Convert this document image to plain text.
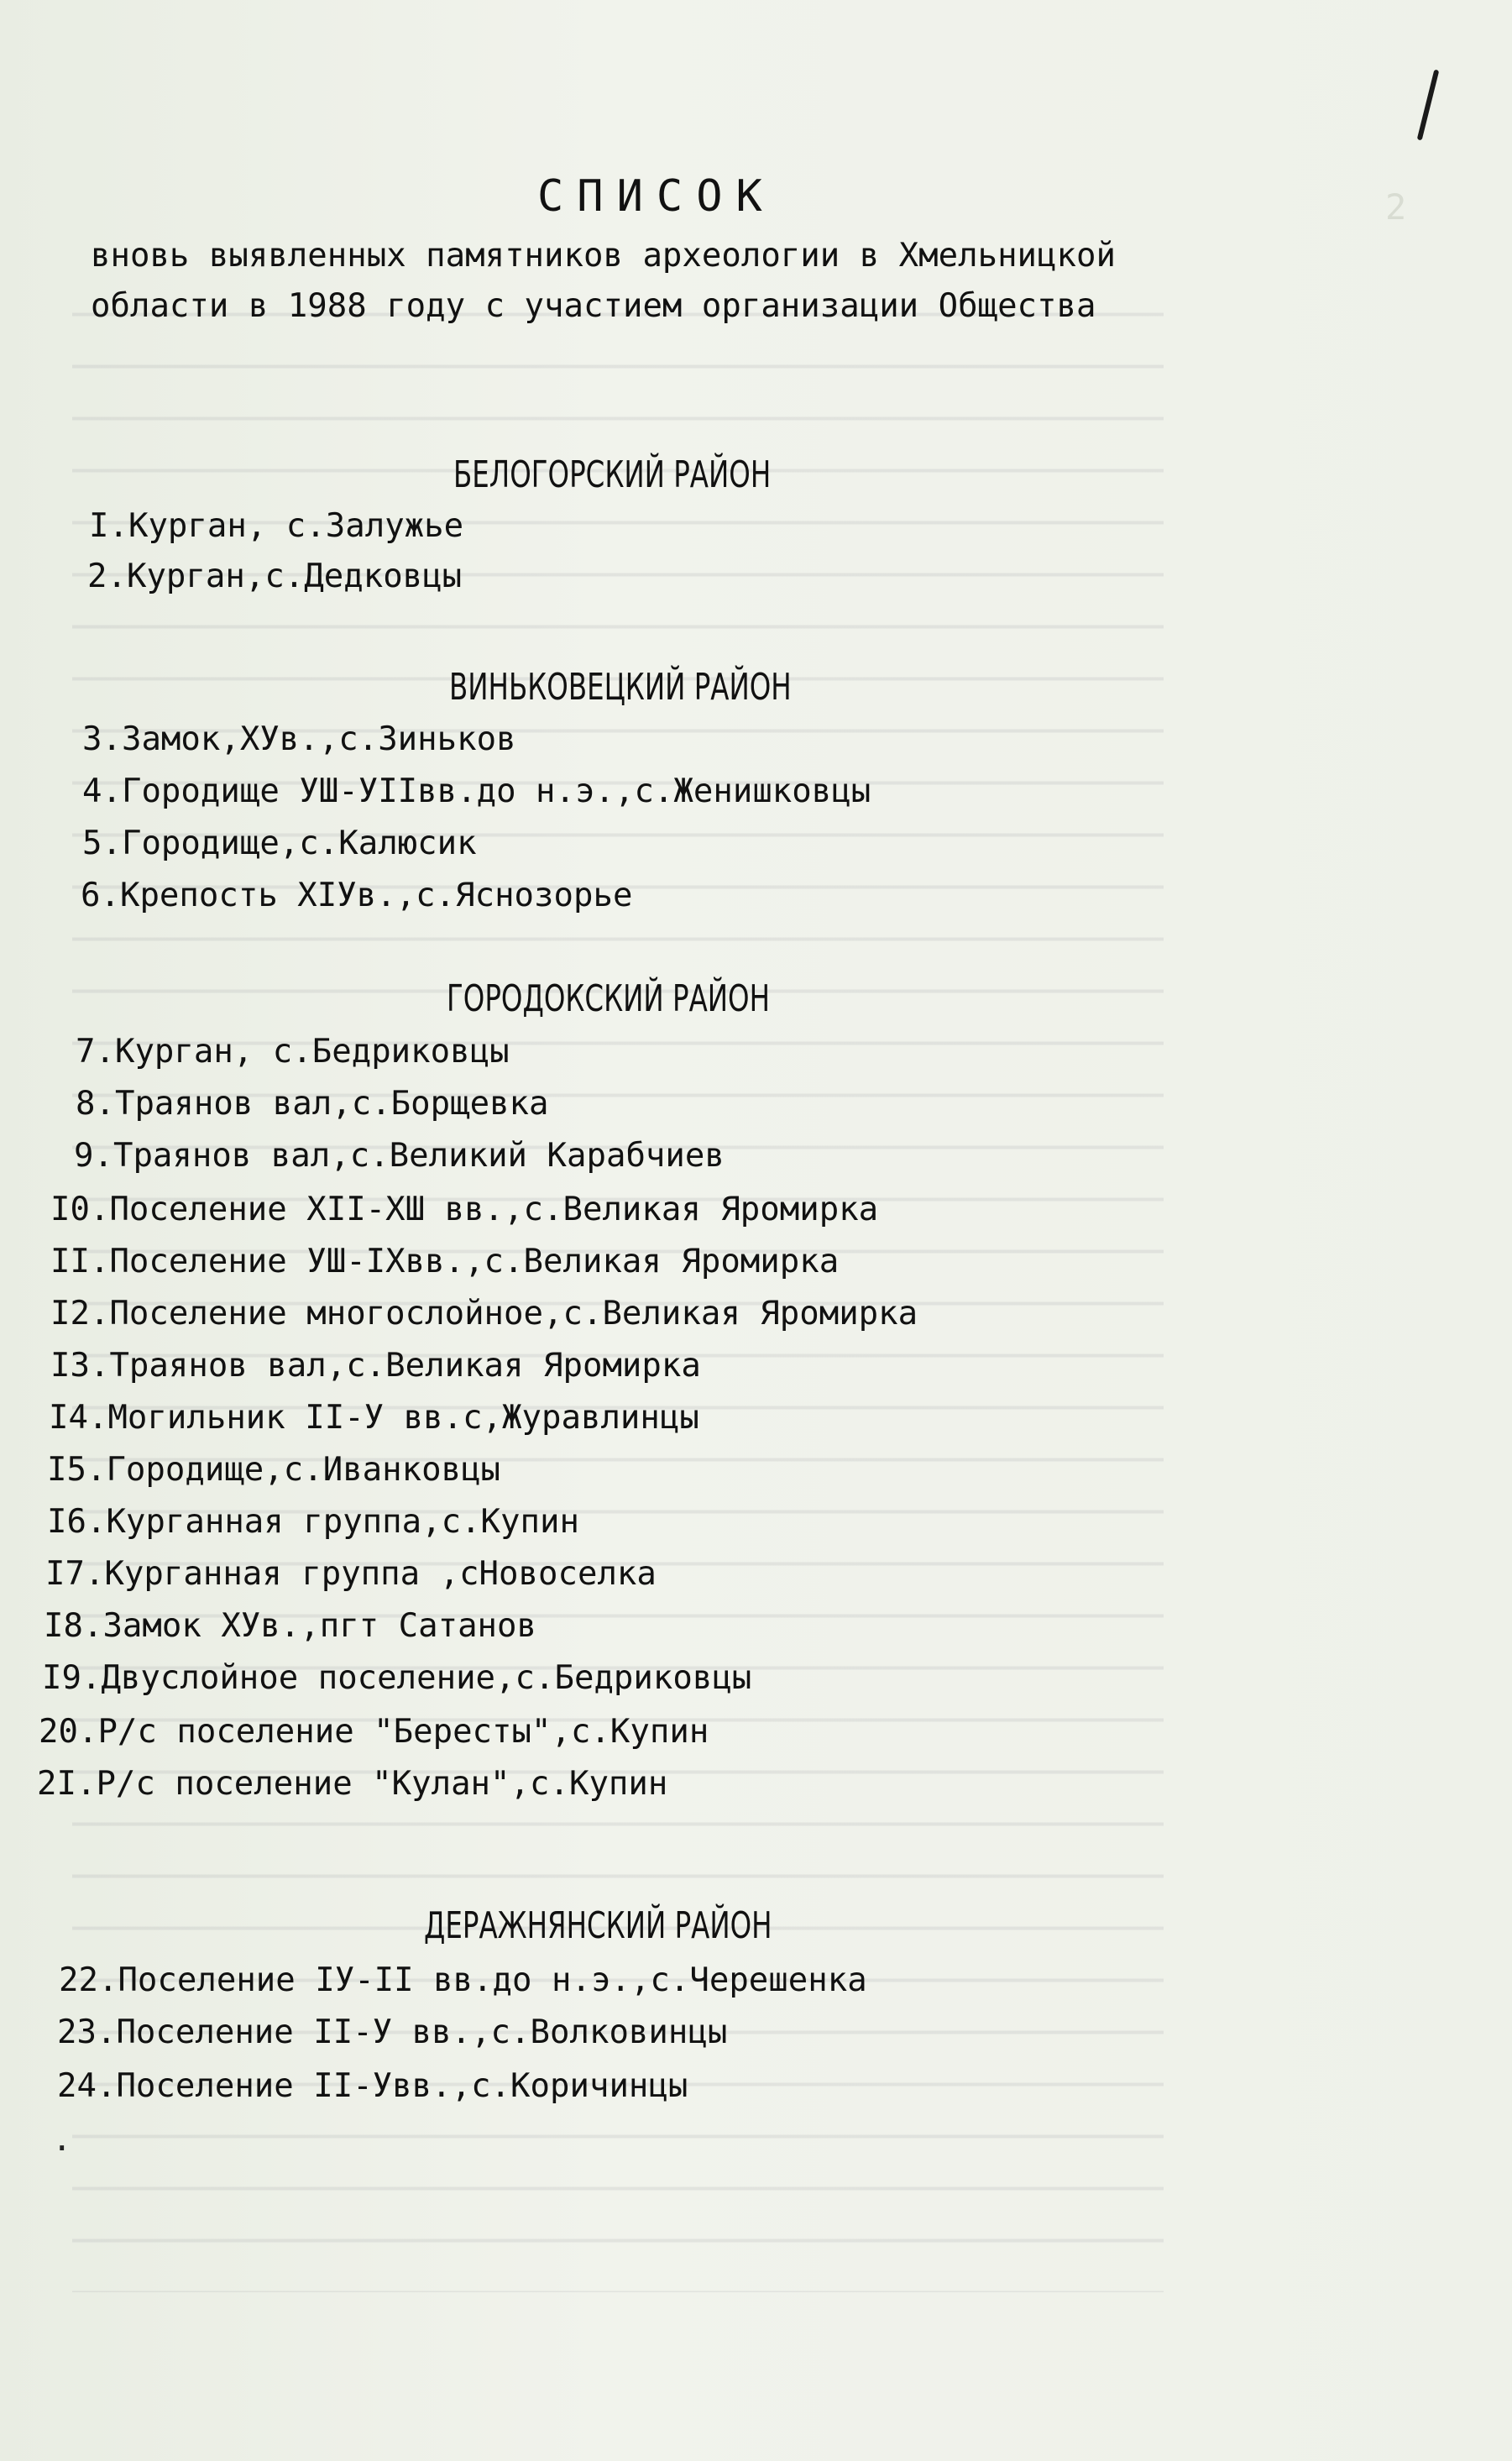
2
СПИСОК
вновь выявленных памятников археологии в Хмельницкой
области в 1988 году с участием организации Общества
БЕЛОГОРСКИЙ РАЙОН
I.Курган, с.Залужье
2.Курган,с.Дедковцы
ВИНЬКОВЕЦКИЙ РАЙОН
3.Замок,ХУв.,с.Зиньков
4.Городище УШ-УIIвв.до н.э.,с.Женишковцы
5.Городище,с.Калюсик
6.Крепость ХIУв.,с.Яснозорье
ГОРОДОКСКИЙ РАЙОН
7.Курган, с.Бедриковцы
8.Траянов вал,с.Борщевка
9.Траянов вал,с.Великий Карабчиев
I0.Поселение ХII-ХШ вв.,с.Великая Яромирка
II.Поселение УШ-IХвв.,с.Великая Яромирка
I2.Поселение многослойное,с.Великая Яромирка
I3.Траянов вал,с.Великая Яромирка
I4.Могильник II-У вв.с,Журавлинцы
I5.Городище,с.Иванковцы
I6.Курганная группа,с.Купин
I7.Курганная группа ,сНовоселка
I8.Замок ХУв.,пгт Сатанов
I9.Двуслойное поселение,с.Бедриковцы
20.Р/с поселение "Бересты",с.Купин
2I.Р/с поселение "Кулан",с.Купин
ДЕРАЖНЯНСКИЙ РАЙОН
22.Поселение IУ-II вв.до н.э.,с.Черешенка
23.Поселение II-У вв.,с.Волковинцы
24.Поселение II-Увв.,с.Коричинцы
.
